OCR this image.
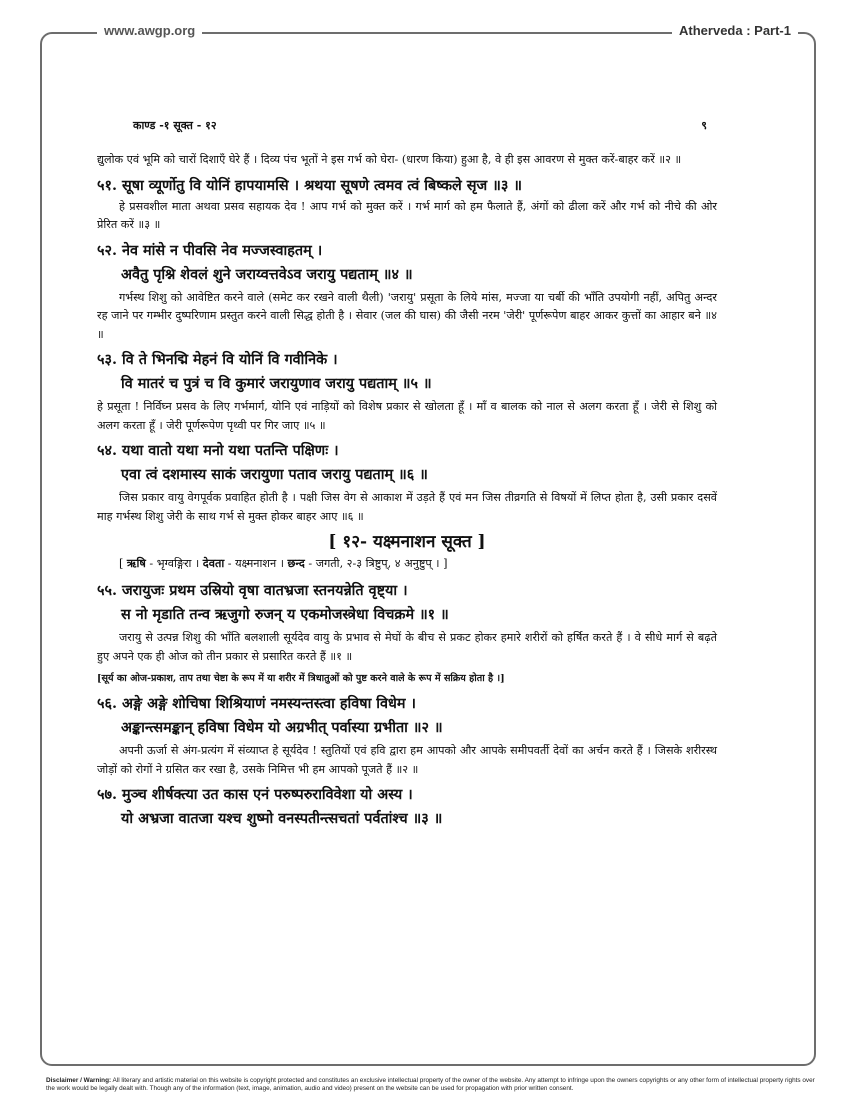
www.awgp.org	Atherveda : Part-1
काण्ड -१ सूक्त - १२	९

द्युलोक एवं भूमि को चारों दिशाएँ घेरे हैं । दिव्य पंच भूतों ने इस गर्भ को घेरा- (धारण किया) हुआ है, वे ही इस आवरण से मुक्त करें-बाहर करें ॥२ ॥

५१. सूषा व्यूर्णोतु वि योनिं हापयामसि । श्रथया सूषणे त्वमव त्वं बिष्कले सृज ॥३ ॥

हे प्रसवशील माता अथवा प्रसव सहायक देव ! आप गर्भ को मुक्त करें । गर्भ मार्ग को हम फैलाते हैं, अंगों को ढीला करें और गर्भ को नीचे की ओर प्रेरित करें ॥३ ॥

५२. नेव मांसे न पीवसि नेव मज्जस्वाहतम् ।
अवैतु पृश्नि शेवलं शुने जराय्वत्तवेऽव जरायु पद्यताम् ॥४ ॥

गर्भस्थ शिशु को आवेष्टित करने वाले (समेट कर रखने वाली थैली) 'जरायु' प्रसूता के लिये मांस, मज्जा या चर्बी की भाँति उपयोगी नहीं, अपितु अन्दर रह जाने पर गम्भीर दुष्परिणाम प्रस्तुत करने वाली सिद्ध होती है । सेवार (जल की घास) की जैसी नरम 'जेरी' पूर्णरूपेण बाहर आकर कुत्तों का आहार बने ॥४ ॥

५३. वि ते भिनद्मि मेहनं वि योनिं वि गवीनिके ।
वि मातरं च पुत्रं च वि कुमारं जरायुणाव जरायु पद्यताम् ॥५ ॥

हे प्रसूता ! निर्विघ्न प्रसव के लिए गर्भमार्ग, योनि एवं नाड़ियों को विशेष प्रकार से खोलता हूँ । माँ व बालक को नाल से अलग करता हूँ । जेरी से शिशु को अलग करता हूँ । जेरी पूर्णरूपेण पृथ्वी पर गिर जाए ॥५ ॥

५४. यथा वातो यथा मनो यथा पतन्ति पक्षिणः ।
एवा त्वं दशमास्य साकं जरायुणा पताव जरायु पद्यताम् ॥६ ॥

जिस प्रकार वायु वेगपूर्वक प्रवाहित होती है । पक्षी जिस वेग से आकाश में उड़ते हैं एवं मन जिस तीव्रगति से विषयों में लिप्त होता है, उसी प्रकार दसवें माह गर्भस्थ शिशु जेरी के साथ गर्भ से मुक्त होकर बाहर आए ॥६ ॥

[ १२- यक्ष्मनाशन सूक्त ]
[ ऋषि - भृग्वङ्गिरा । देवता - यक्ष्मनाशन । छन्द - जगती, २-३ त्रिष्टुप्, ४ अनुष्टुप् । ]
५५. जरायुजः प्रथम उस्रियो वृषा वातभ्रजा स्तनयन्नेति वृष्ट्या ।
स नो मृडाति तन्व ऋजुगो रुजन् य एकमोजस्त्रेधा विचक्रमे ॥१ ॥

जरायु से उत्पन्न शिशु की भाँति बलशाली सूर्यदेव वायु के प्रभाव से मेघों के बीच से प्रकट होकर हमारे शरीरों को हर्षित करते हैं । वे सीधे मार्ग से बढ़ते हुए अपने एक ही ओज को तीन प्रकार से प्रसारित करते हैं ॥१ ॥

[सूर्य का ओज-प्रकाश, ताप तथा चेष्टा के रूप में या शरीर में त्रिधातुओं को पुष्ट करने वाले के रूप में सक्रिय होता है ।]
५६. अङ्गे अङ्गे शोचिषा शिश्रियाणं नमस्यन्तस्त्वा हविषा विधेम ।
अङ्कान्त्समङ्कान् हविषा विधेम यो अग्रभीत् पर्वास्या ग्रभीता ॥२ ॥

अपनी ऊर्जा से अंग-प्रत्यंग में संव्याप्त हे सूर्यदेव ! स्तुतियों एवं हवि द्वारा हम आपको और आपके समीपवर्ती देवों का अर्चन करते हैं । जिसके शरीरस्थ जोड़ों को रोगों ने ग्रसित कर रखा है, उसके निमित्त भी हम आपको पूजते हैं ॥२ ॥

५७. मुञ्च शीर्षक्त्या उत कास एनं परुष्परुराविवेशा यो अस्य ।
यो अभ्रजा वातजा यश्च शुष्मो वनस्पतीन्त्सचतां पर्वतांश्च ॥३ ॥
Disclaimer / Warning: All literary and artistic material on this website is copyright protected and constitutes an exclusive intellectual property of the owner of the website. Any attempt to infringe upon the owners copyrights or any other form of intellectual property rights over the work would be legally dealt with. Though any of the information (text, image, animation, audio and video) present on the website can be used for propagation with prior written consent.
